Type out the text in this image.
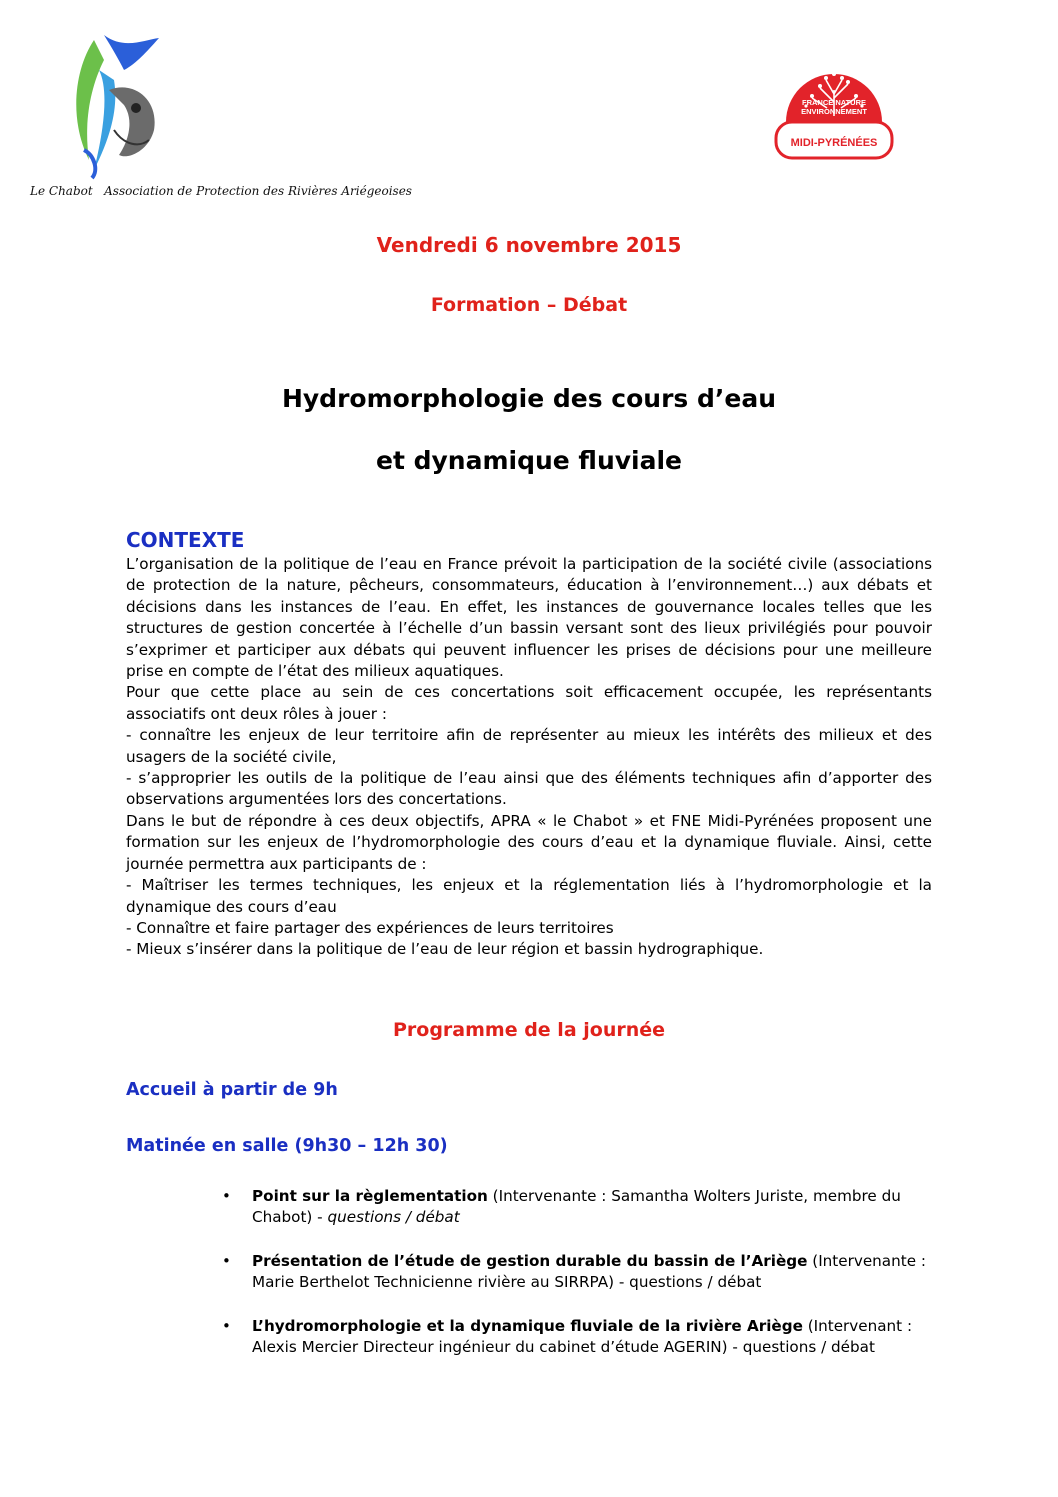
Le Chabot Association de Protection des Rivières Ariégeoises
FRANCE NATURE
ENVIRONNEMENT
MIDI-PYRÉNÉES
Vendredi 6 novembre 2015
Formation – Débat
Hydromorphologie des cours d’eau
et dynamique fluviale
CONTEXTE

L’organisation de la politique de l’eau en France prévoit la participation de la société civile (associations de protection de la nature, pêcheurs, consommateurs, éducation à l’environnement…) aux débats et décisions dans les instances de l’eau. En effet, les instances de gouvernance locales telles que les structures de gestion concertée à l’échelle d’un bassin versant sont des lieux privilégiés pour pouvoir s’exprimer et participer aux débats qui peuvent influencer les prises de décisions pour une meilleure prise en compte de l’état des milieux aquatiques.

Pour que cette place au sein de ces concertations soit efficacement occupée, les représentants associatifs ont deux rôles à jouer :

- connaître les enjeux de leur territoire afin de représenter au mieux les intérêts des milieux et des usagers de la société civile,

- s’approprier les outils de la politique de l’eau ainsi que des éléments techniques afin d’apporter des observations argumentées lors des concertations.

Dans le but de répondre à ces deux objectifs, APRA « le Chabot » et FNE Midi-Pyrénées proposent une formation sur les enjeux de l’hydromorphologie des cours d’eau et la dynamique fluviale. Ainsi, cette journée permettra aux participants de :

- Maîtriser les termes techniques, les enjeux et la réglementation liés à l’hydromorphologie et la dynamique des cours d’eau

- Connaître et faire partager des expériences de leurs territoires

- Mieux s’insérer dans la politique de l’eau de leur région et bassin hydrographique.

Programme de la journée
Accueil à partir de 9h
Matinée en salle (9h30 – 12h 30)
• Point sur la règlementation (Intervenante : Samantha Wolters Juriste, membre du Chabot) - questions / débat
• Présentation de l’étude de gestion durable du bassin de l’Ariège (Intervenante : Marie Berthelot Technicienne rivière au SIRRPA) - questions / débat
• L’hydromorphologie et la dynamique fluviale de la rivière Ariège (Intervenant : Alexis Mercier Directeur ingénieur du cabinet d’étude AGERIN) - questions / débat
